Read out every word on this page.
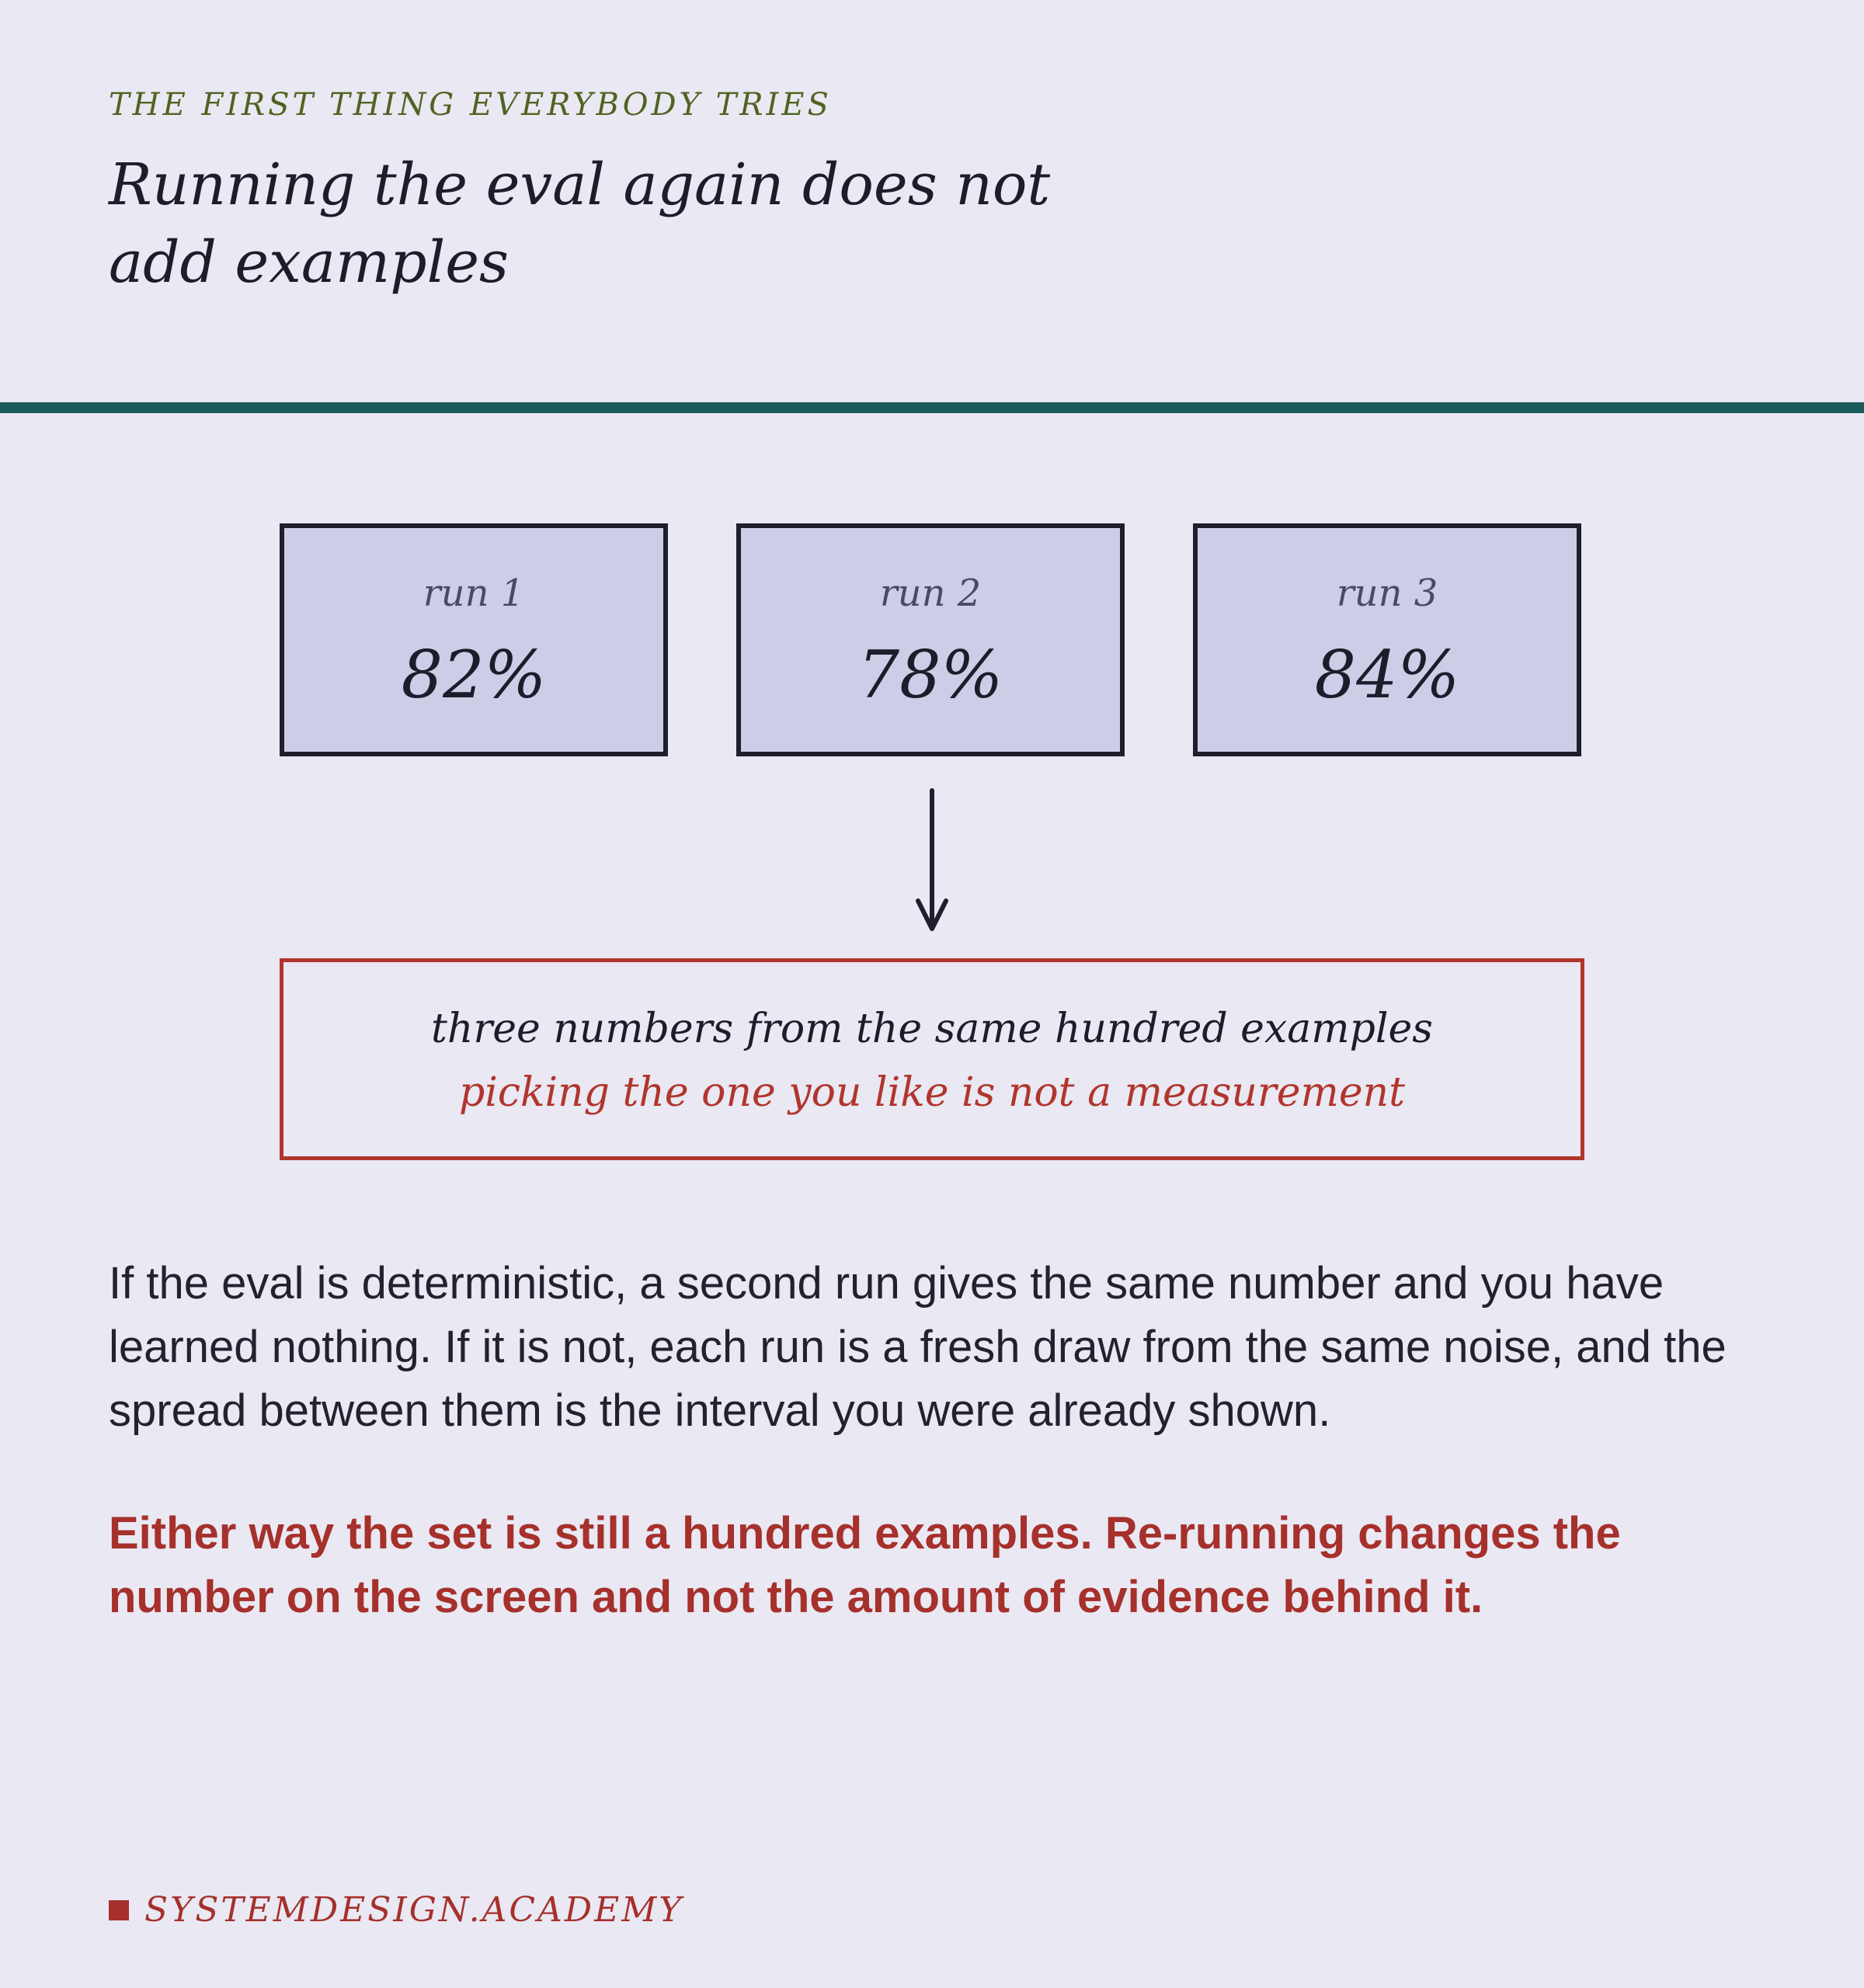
THE FIRST THING EVERYBODY TRIES
Running the eval again does not add examples
run 1
82%
run 2
78%
run 3
84%
three numbers from the same hundred examples
picking the one you like is not a measurement

If the eval is deterministic, a second run gives the same number and you have learned nothing. If it is not, each run is a fresh draw from the same noise, and the spread between them is the interval you were already shown.

Either way the set is still a hundred examples. Re-running changes the number on the screen and not the amount of evidence behind it.

SYSTEMDESIGN.ACADEMY
